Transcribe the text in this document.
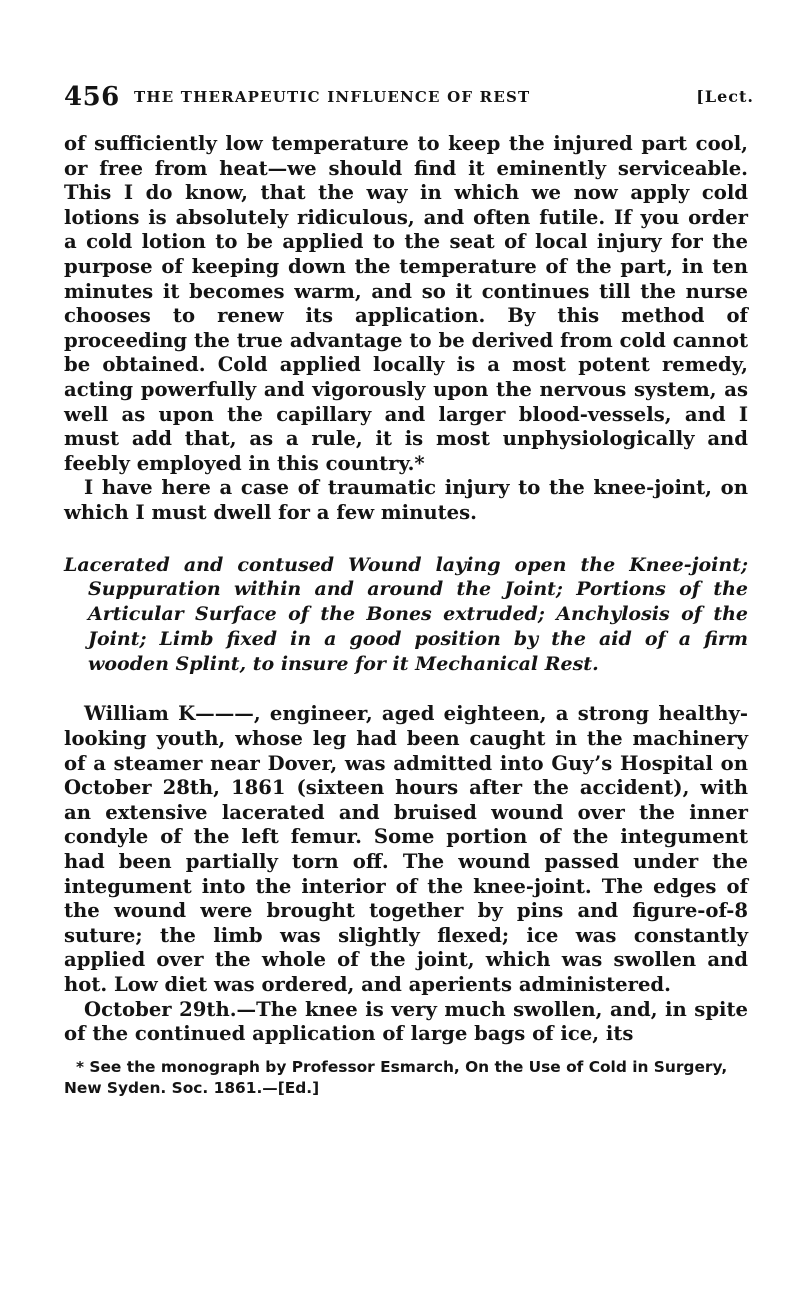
456 THE THERAPEUTIC INFLUENCE OF REST	[Lect.

of sufficiently low temperature to keep the injured part cool, or free from heat—we should find it eminently serviceable. This I do know, that the way in which we now apply cold lotions is absolutely ridiculous, and often futile. If you order a cold lotion to be applied to the seat of local injury for the purpose of keeping down the temperature of the part, in ten minutes it becomes warm, and so it continues till the nurse chooses to renew its application. By this method of proceeding the true advantage to be derived from cold cannot be obtained. Cold applied locally is a most potent remedy, acting powerfully and vigorously upon the nervous system, as well as upon the capillary and larger blood-vessels, and I must add that, as a rule, it is most unphysiologically and feebly employed in this country.*

I have here a case of traumatic injury to the knee-joint, on which I must dwell for a few minutes.

Lacerated and contused Wound laying open the Knee-joint; Suppuration within and around the Joint; Portions of the Articular Surface of the Bones extruded; Anchylosis of the Joint; Limb fixed in a good position by the aid of a firm wooden Splint, to insure for it Mechanical Rest.

William K———, engineer, aged eighteen, a strong healthy-looking youth, whose leg had been caught in the machinery of a steamer near Dover, was admitted into Guy’s Hospital on October 28th, 1861 (sixteen hours after the accident), with an extensive lacerated and bruised wound over the inner condyle of the left femur. Some portion of the integument had been partially torn off. The wound passed under the integument into the interior of the knee-joint. The edges of the wound were brought together by pins and figure-of-8 suture; the limb was slightly flexed; ice was constantly applied over the whole of the joint, which was swollen and hot. Low diet was ordered, and aperients administered.

October 29th.—The knee is very much swollen, and, in spite of the continued application of large bags of ice, its

* See the monograph by Professor Esmarch, On the Use of Cold in Surgery, New Syden. Soc. 1861.—[Ed.]
